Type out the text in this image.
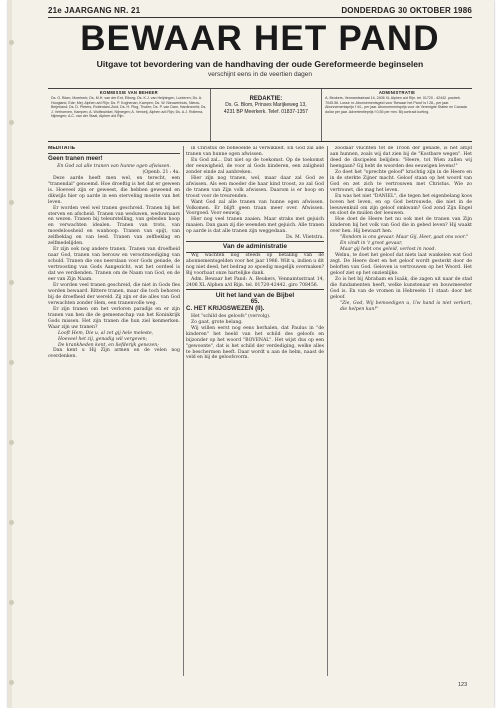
21e JAARGANG NR. 21	DONDERDAG 30 OKTOBER 1986
BEWAAR HET PAND
Uitgave tot bevordering van de handhaving der oude Gereformeerde beginselen
verschijnt eens in de veertien dagen
KOMMISSIE VAN BEHEER
Ds. G. Blom, Moerkerk; Ds. M.H. van der Ent, Elburg; Ds. K.J. van Heijningen, Lunteren; Ds. A. Hoogland, Ede; Mej. Alphen a/d Rijn; Ds. P. Koghenan, Kampen; Ds. W. Nieuwenhuis, Nieuw-Beijerland; Ds. D. Pieters, Rotterdam-Zuid; Ds. H. Plug, Tholen; Ds. P. van Dam, Hardinxveld; Ds. J. Verhoeven, Kampen; A. Wolfswinkel, Nijmegen; A. Verweij, Alphen a/d Rijn; Ds. A.J. Rollema, Nijmegen; A.C. van der Staal, Alphen a/d Rijn.
REDAKTIE:
Ds. G. Blom, Prinses Marijkeweg 13,
4231 BP Meerkerk. Telef. 01837-1357
ADMINISTRATIE
A. Beukers, Vennamtsstraat 14, 2406 XL Alphen a/d Rijn. tel. 01720 - 42442. postrek. 7045.56. Losse nr. Abonnementsgeld voor 'Bewaar het Pand' is f 28,- per jaar. Abonnementsprijs f 44,- per jaar. Abonnementsprijs voor de Verenigde Staten en Canada dollar per jaar. Advertentieprijs f 0,55 per mm. Bij contract korting.

MEDITATIE

Geen tranen meer!

En God zal alle tranen van hunne ogen afwissen.

(Openb. 21 : 4a.

Deze aarde heeft men wel, en terecht, een "tranendal" genoemd. Hoe droeftig is het dat er geween is. Hoeveel zijn er geweest, die hebben geweend en dikwijls hier op aarde in een sterveling moeite van het leven.

Er worden veel wel tranen geschreid. Tranen bij het sterven en afscheid. Tranen van weduwen, weduwnaars en wezen. Tranen bij teleurstelling, van gebeden hoop en verwachten idealen. Tranen van trots, van moedeloosheid en wanhoop. Tranen van spijt, van zelfbeklag en van leed. Tranen van zelfbeklag en zelfmedelijden.

Er zijn ook nog andere tranen. Tranen van droefheid naar God, tranen van berouw en verootmoediging van schuld. Tranen die ons neerslaan voor Gods genade, de vertroosting van Gods Aangezicht, wat het oordeel is dat we verdienden. Tranen om de Naam van God, en de eer van Zijn Naam.

Er worden veel tranen geschreid, die niet in Gods fles worden bewaard. Bittere tranen, maar die toch behoren bij de droefheid der wereld. Zij zijn er die alles van God verwachten zonder Hem, een tranenvolle weg.

Er zijn tranen om het verloren paradijs en er zijn tranen van hen die de gemeenschap van het Koninkrijk Gods missen. Het zijn tranen die hun ziel kenmerken. Waar zijn uw tranen?

Looft Hem, Die u, al zet gij hele meleste,

Hoeveel het zij, genadig wil vergeven;

De krankheden kent, en liefderijk genezen;

Dan kent u Hij Zijn armen en de velen nog overdenken.

in Christus de boheoelde al verwikkelt. En God zal alle tranen van hunne ogen afwissen.

En God zal... Dat niet op de toekomst. Op de toekomst der eeuwigheid, de voor al Gods kinderen, een zaligheid zonder einde zal aanbreken.

Hier zijn nog tranen, wel, maar daar zal God ze afwissen. Als een moeder die haar kind troost, zo zal God de tranen van Zijn volk afwissen. Daarom is er hoop en troost voor de treurenden.

Want God zal alle tranen van hunne ogen afwissen. Volkomen. Er blijft geen traan meer over. Afwissen. Voorgoed. Voor eeuwig.

Hier nog veel tranen zaaien. Maar straks met gejuich maaien. Dan gaan zij die weenden met gejuich. Alle tranen op aarde is dat alle tranen zijn weggedaan.

Ds. M. Vlietstra.

Van de administratie

Wij wachten nog steeds op betaling van de abonnementsgelden voor het jaar 1986. Wilt u, indien u dit nog niet deed, het bedrag zo spoedig mogelijk overmaken? Bij voorbaat onze hartelijke dank.

Adm. Bewaar het Pand: A. Beukers, Vennamtsstraat 14, 2406 XL Alphen a/d Rijn. tel. 01720-42442. giro 708456.

Uit het land van de Bijbel

65.

C. HET KRIJGSWEZEN (II).

Het "schild des geloofs" (vervolg).

Zo gaat, grote belang.

Wij willen eerst nog eens herhalen, dat Paulus in "de kinderen" het beeld van het schild des geloofs en bijzonder op het woord "BOVENAL". Het wijst dus op een "gewoonte", dat is het schild der verdediging, welke alles te beschermen heeft. Daar wordt u aan de helm, naast de veld en bij de geloofsvorm.

zoodaar vluchten tot de Troon der genade, is het altijd aan hunnen, zoals wij dat zien bij de "Kostbare wegen". Het deed de discipelen belijden: "Heere, tot Wien zullen wij heengaan? Gij hebt de woorden des eeuwigen levens!"

Zo doet het "oprechte geloof" krachtig zijn in de Heere en in de sterkte Zijner macht. Geloof staan op het woord van God en zet zich te vertrouwen met Christus. Wie zo vertrouwt, die mag het leven.

En was het niet "DANIEL", die tegen het eigenbelang koos boven het leven, en op God betrouwde, die niet in de leeuwenkuil om zijn geloof omkwam? God zond Zijn Engel en sloot de muilen der leeuwen.

Hoe doet de Heere het nu ook met de tranen van Zijn kinderen bij het volk van God die in gebed leven? Hij waakt over hen. Hij bewaart hen.

"Rondom is ons gevaar. Maar Gij, Heer, gaat ons voor."

En vindt in 't groot gevaar,

Maar gij hebt ons geleid, verlost in nood.

Welnu, te doet het geloof dat niets laat wankelen wat God zegt. De Heere doet en het geloof wordt gesterkt door de beloften van God. Geloven is vertrouwen op het Woord. Het geloof ziet op het onzienlijke.

Zo is het bij Abraham en Isaäk, die zagen uit naar de stad die fundamenten heeft, welke kunstenaar en bouwmeester God is. En van de vromen in Hebreeën 11 staat: door het geloof.

"Zie, God, Wij bemoedigen u, Uw hand is niet verkort, die helpen kan!"

123
